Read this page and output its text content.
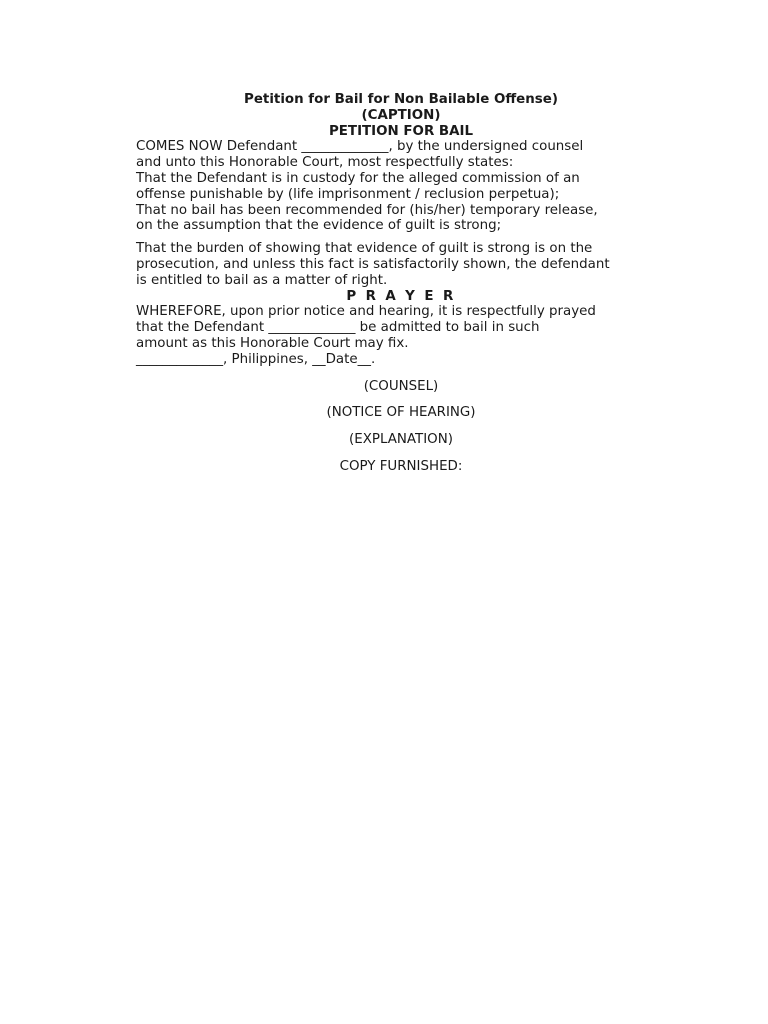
Petition for Bail for Non Bailable Offense)
(CAPTION)
PETITION FOR BAIL
COMES NOW Defendant _____________, by the undersigned counsel
and unto this Honorable Court, most respectfully states:
That the Defendant is in custody for the alleged commission of an
offense punishable by (life imprisonment / reclusion perpetua);
That no bail has been recommended for (his/her) temporary release,
on the assumption that the evidence of guilt is strong;
That the burden of showing that evidence of guilt is strong is on the
prosecution, and unless this fact is satisfactorily shown, the defendant
is entitled to bail as a matter of right.
P R A Y E R
WHEREFORE, upon prior notice and hearing, it is respectfully prayed
that the Defendant _____________ be admitted to bail in such
amount as this Honorable Court may fix.
_____________, Philippines, __Date__.
(COUNSEL)
(NOTICE OF HEARING)
(EXPLANATION)
COPY FURNISHED:
